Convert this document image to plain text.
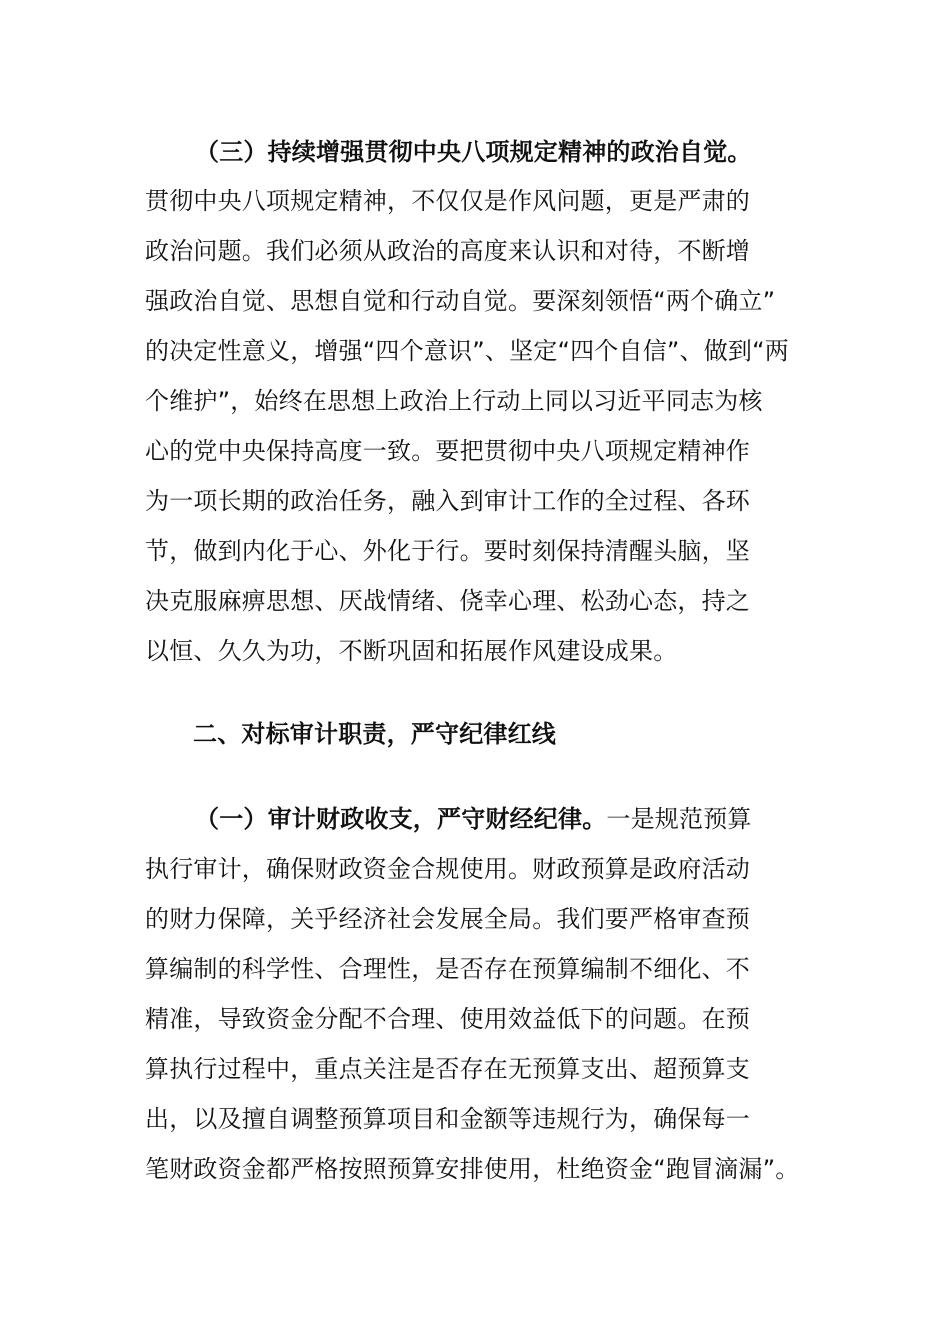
（三）持续增强贯彻中央八项规定精神的政治自觉。
贯彻中央八项规定精神，不仅仅是作风问题，更是严肃的
政治问题。我们必须从政治的高度来认识和对待，不断增
强政治自觉、思想自觉和行动自觉。要深刻领悟“两个确立”
的决定性意义，增强“四个意识”、坚定“四个自信”、做到“两
个维护”，始终在思想上政治上行动上同以习近平同志为核
心的党中央保持高度一致。要把贯彻中央八项规定精神作
为一项长期的政治任务，融入到审计工作的全过程、各环
节，做到内化于心、外化于行。要时刻保持清醒头脑，坚
决克服麻痹思想、厌战情绪、侥幸心理、松劲心态，持之
以恒、久久为功，不断巩固和拓展作风建设成果。
二、对标审计职责，严守纪律红线
（一）审计财政收支，严守财经纪律。一是规范预算
执行审计，确保财政资金合规使用。财政预算是政府活动
的财力保障，关乎经济社会发展全局。我们要严格审查预
算编制的科学性、合理性，是否存在预算编制不细化、不
精准，导致资金分配不合理、使用效益低下的问题。在预
算执行过程中，重点关注是否存在无预算支出、超预算支
出，以及擅自调整预算项目和金额等违规行为，确保每一
笔财政资金都严格按照预算安排使用，杜绝资金“跑冒滴漏”。
